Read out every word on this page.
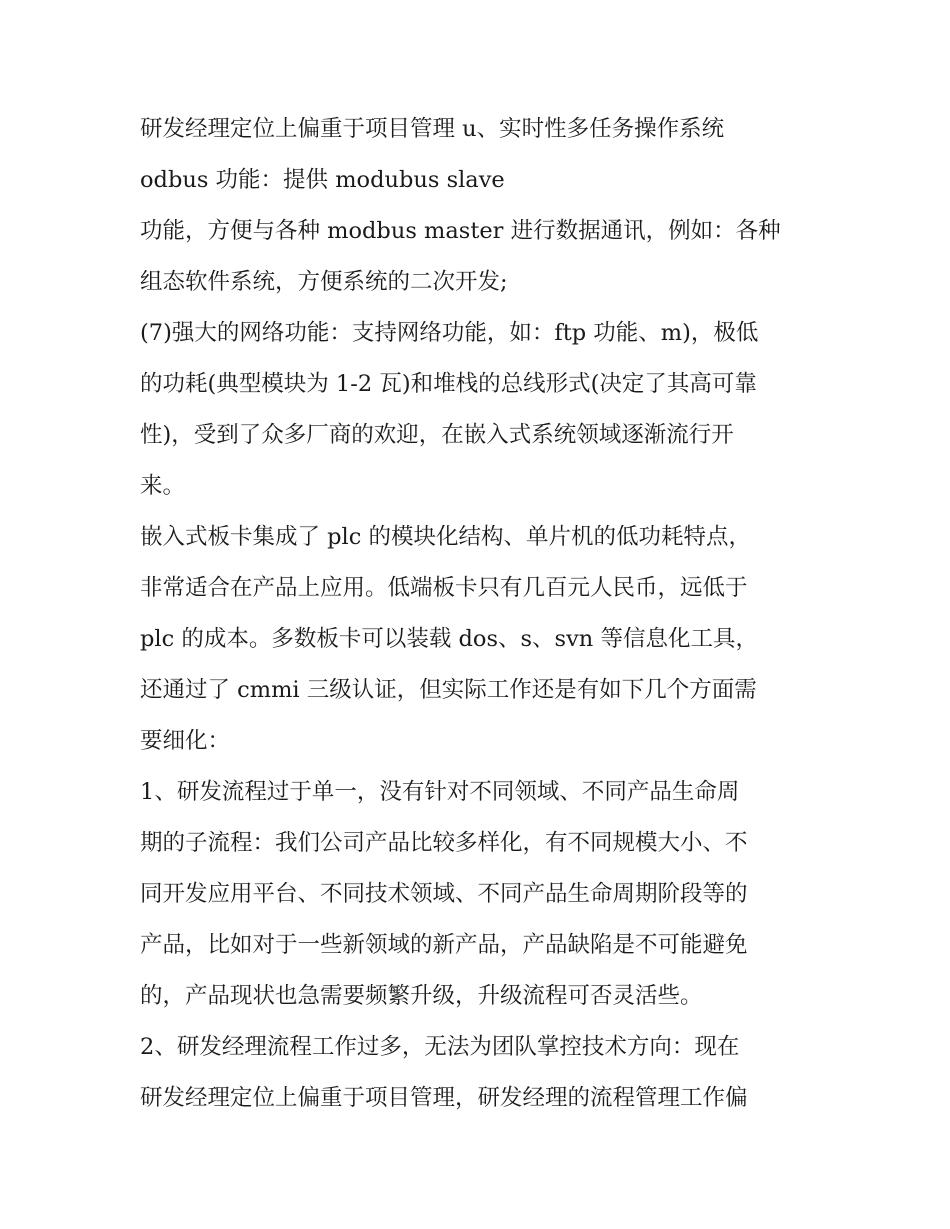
研发经理定位上偏重于项目管理 u、实时性多任务操作系统

odbus 功能：提供 modubus slave

功能，方便与各种 modbus master 进行数据通讯，例如：各种

组态软件系统，方便系统的二次开发;

(7)强大的网络功能：支持网络功能，如：ftp 功能、m)，极低

的功耗(典型模块为 1-2 瓦)和堆栈的总线形式(决定了其高可靠

性)，受到了众多厂商的欢迎，在嵌入式系统领域逐渐流行开

来。

嵌入式板卡集成了 plc 的模块化结构、单片机的低功耗特点，

非常适合在产品上应用。低端板卡只有几百元人民币，远低于

plc 的成本。多数板卡可以装载 dos、s、svn 等信息化工具，

还通过了 cmmi 三级认证，但实际工作还是有如下几个方面需

要细化：

1、研发流程过于单一，没有针对不同领域、不同产品生命周

期的子流程：我们公司产品比较多样化，有不同规模大小、不

同开发应用平台、不同技术领域、不同产品生命周期阶段等的

产品，比如对于一些新领域的新产品，产品缺陷是不可能避免

的，产品现状也急需要频繁升级，升级流程可否灵活些。

2、研发经理流程工作过多，无法为团队掌控技术方向：现在

研发经理定位上偏重于项目管理，研发经理的流程管理工作偏
